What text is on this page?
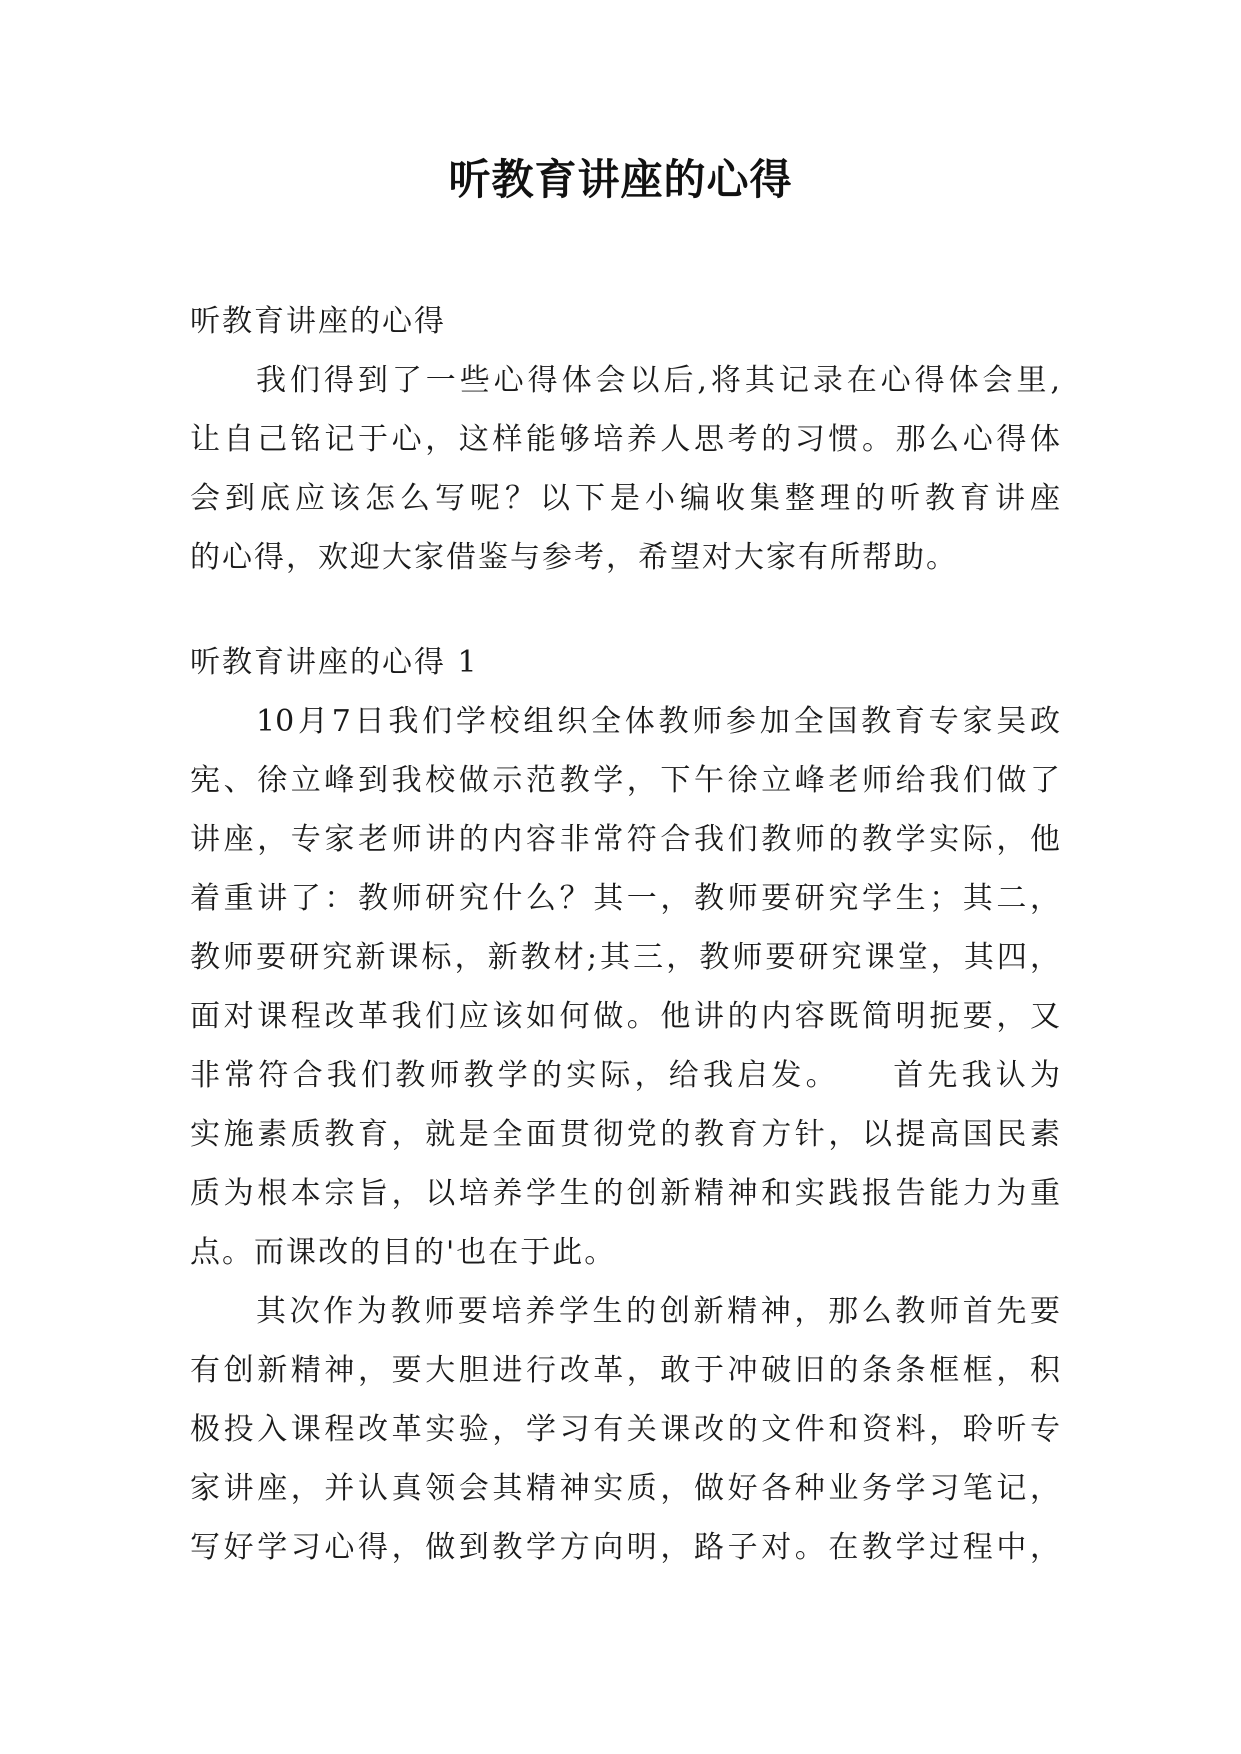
听教育讲座的心得

听教育讲座的心得

我们得到了一些心得体会以后,将其记录在心得体会里,

让自己铭记于心，这样能够培养人思考的习惯。那么心得体

会到底应该怎么写呢？以下是小编收集整理的听教育讲座

的心得，欢迎大家借鉴与参考，希望对大家有所帮助。

听教育讲座的心得 1

10月7日我们学校组织全体教师参加全国教育专家吴政

宪、徐立峰到我校做示范教学，下午徐立峰老师给我们做了

讲座，专家老师讲的内容非常符合我们教师的教学实际，他

着重讲了：教师研究什么？其一，教师要研究学生；其二，

教师要研究新课标，新教材;其三，教师要研究课堂，其四，

面对课程改革我们应该如何做。他讲的内容既简明扼要，又

非常符合我们教师教学的实际，给我启发。　　首先我认为

实施素质教育，就是全面贯彻党的教育方针，以提高国民素

质为根本宗旨，以培养学生的创新精神和实践报告能力为重

点。而课改的目的'也在于此。

其次作为教师要培养学生的创新精神，那么教师首先要

有创新精神，要大胆进行改革，敢于冲破旧的条条框框，积

极投入课程改革实验，学习有关课改的文件和资料，聆听专

家讲座，并认真领会其精神实质，做好各种业务学习笔记，

写好学习心得，做到教学方向明，路子对。在教学过程中，
